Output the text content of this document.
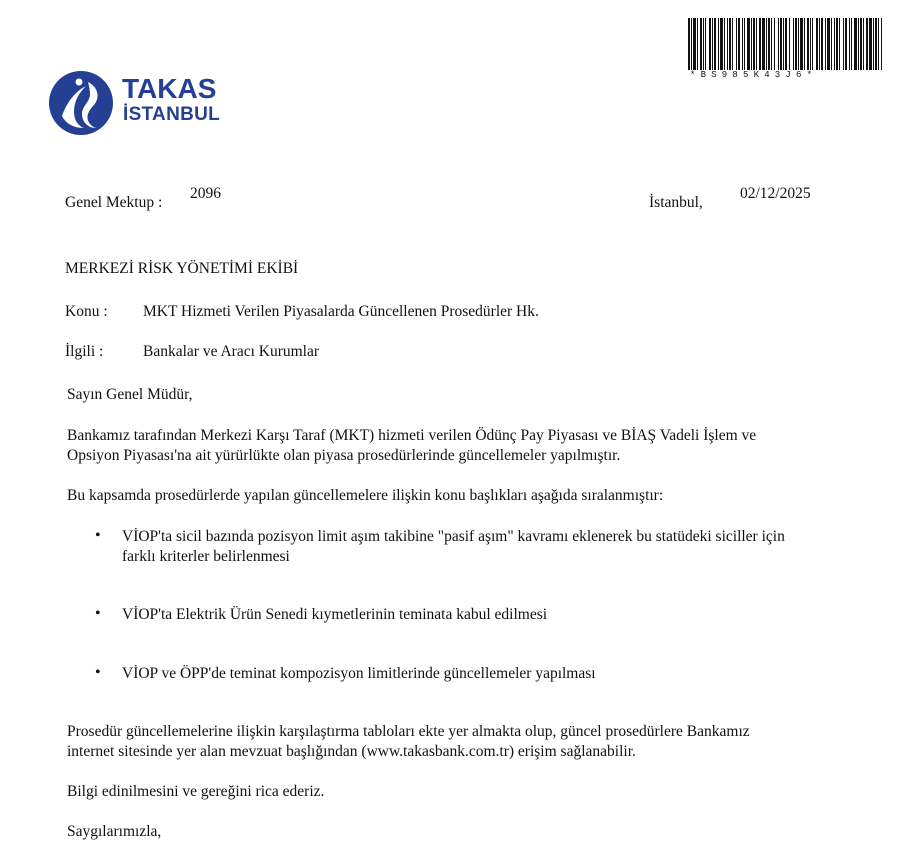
*BS985K43J6*
TAKAS
İSTANBUL
Genel Mektup :
2096
İstanbul,
02/12/2025
MERKEZİ RİSK YÖNETİMİ EKİBİ
Konu : MKT Hizmeti Verilen Piyasalarda Güncellenen Prosedürler Hk.
İlgili :	Bankalar ve Aracı Kurumlar
Sayın Genel Müdür,
Bankamız tarafından Merkezi Karşı Taraf (MKT) hizmeti verilen Ödünç Pay Piyasası ve BİAŞ Vadeli İşlem ve
Opsiyon Piyasası'na ait yürürlükte olan piyasa prosedürlerinde güncellemeler yapılmıştır.
Bu kapsamda prosedürlerde yapılan güncellemelere ilişkin konu başlıkları aşağıda sıralanmıştır:
• VİOP'ta sicil bazında pozisyon limit aşım takibine "pasif aşım" kavramı eklenerek bu statüdeki siciller için
farklı kriterler belirlenmesi
• VİOP'ta Elektrik Ürün Senedi kıymetlerinin teminata kabul edilmesi
• VİOP ve ÖPP'de teminat kompozisyon limitlerinde güncellemeler yapılması
Prosedür güncellemelerine ilişkin karşılaştırma tabloları ekte yer almakta olup, güncel prosedürlere Bankamız
internet sitesinde yer alan mevzuat başlığından (www.takasbank.com.tr) erişim sağlanabilir.
Bilgi edinilmesini ve gereğini rica ederiz.
Saygılarımızla,
